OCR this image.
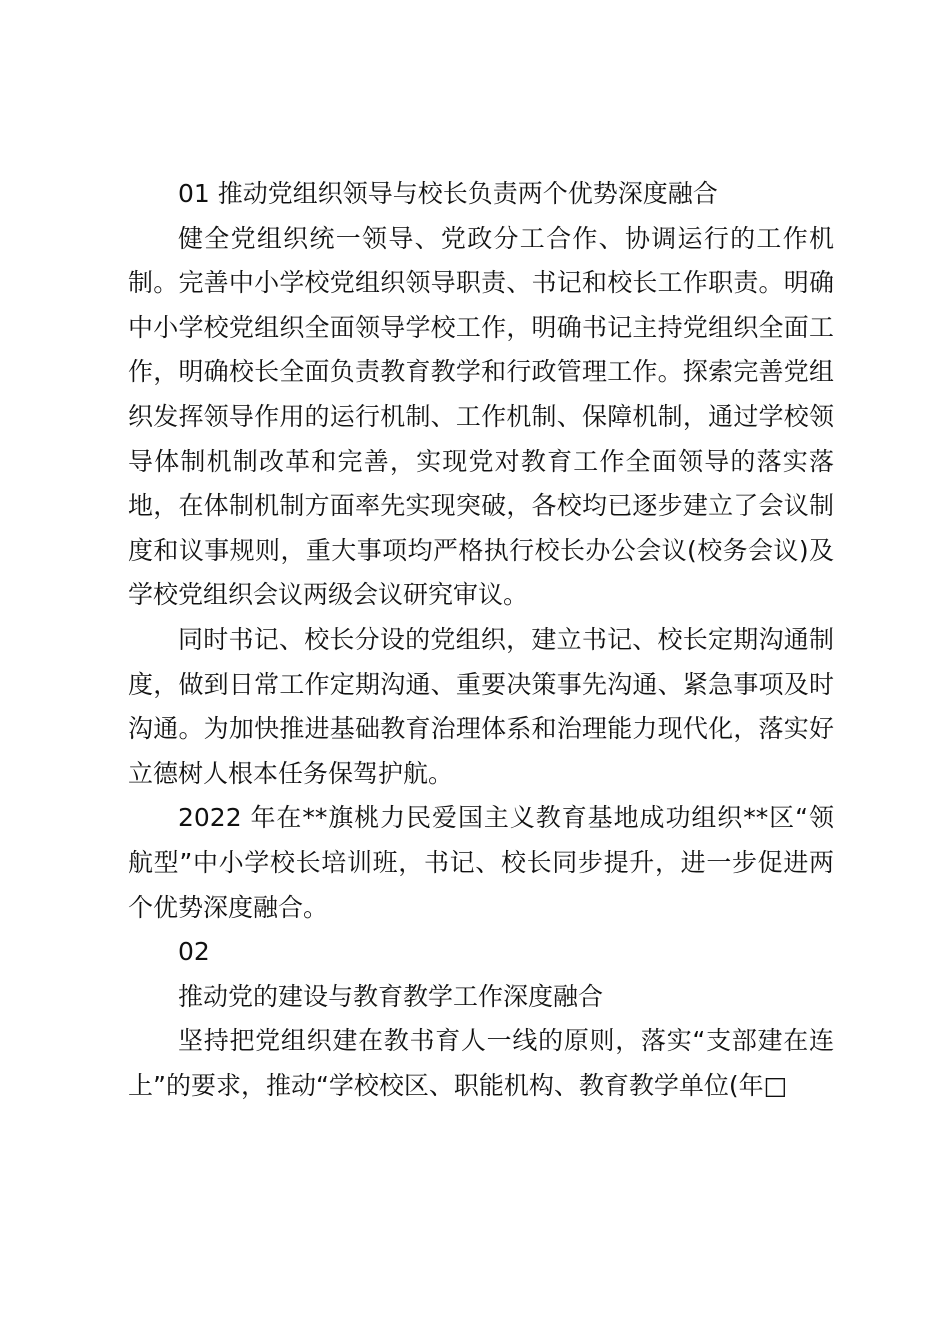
01 推动党组织领导与校长负责两个优势深度融合

健全党组织统一领导、党政分工合作、协调运行的工作机制。完善中小学校党组织领导职责、书记和校长工作职责。明确中小学校党组织全面领导学校工作，明确书记主持党组织全面工作，明确校长全面负责教育教学和行政管理工作。探索完善党组织发挥领导作用的运行机制、工作机制、保障机制，通过学校领导体制机制改革和完善，实现党对教育工作全面领导的落实落地，在体制机制方面率先实现突破，各校均已逐步建立了会议制度和议事规则，重大事项均严格执行校长办公会议(校务会议)及学校党组织会议两级会议研究审议。

同时书记、校长分设的党组织，建立书记、校长定期沟通制度，做到日常工作定期沟通、重要决策事先沟通、紧急事项及时沟通。为加快推进基础教育治理体系和治理能力现代化，落实好立德树人根本任务保驾护航。

2022 年在**旗桃力民爱国主义教育基地成功组织**区“领航型”中小学校长培训班，书记、校长同步提升，进一步促进两个优势深度融合。

02

推动党的建设与教育教学工作深度融合

坚持把党组织建在教书育人一线的原则，落实“支部建在连上”的要求，推动“学校校区、职能机构、教育教学单位(年□
